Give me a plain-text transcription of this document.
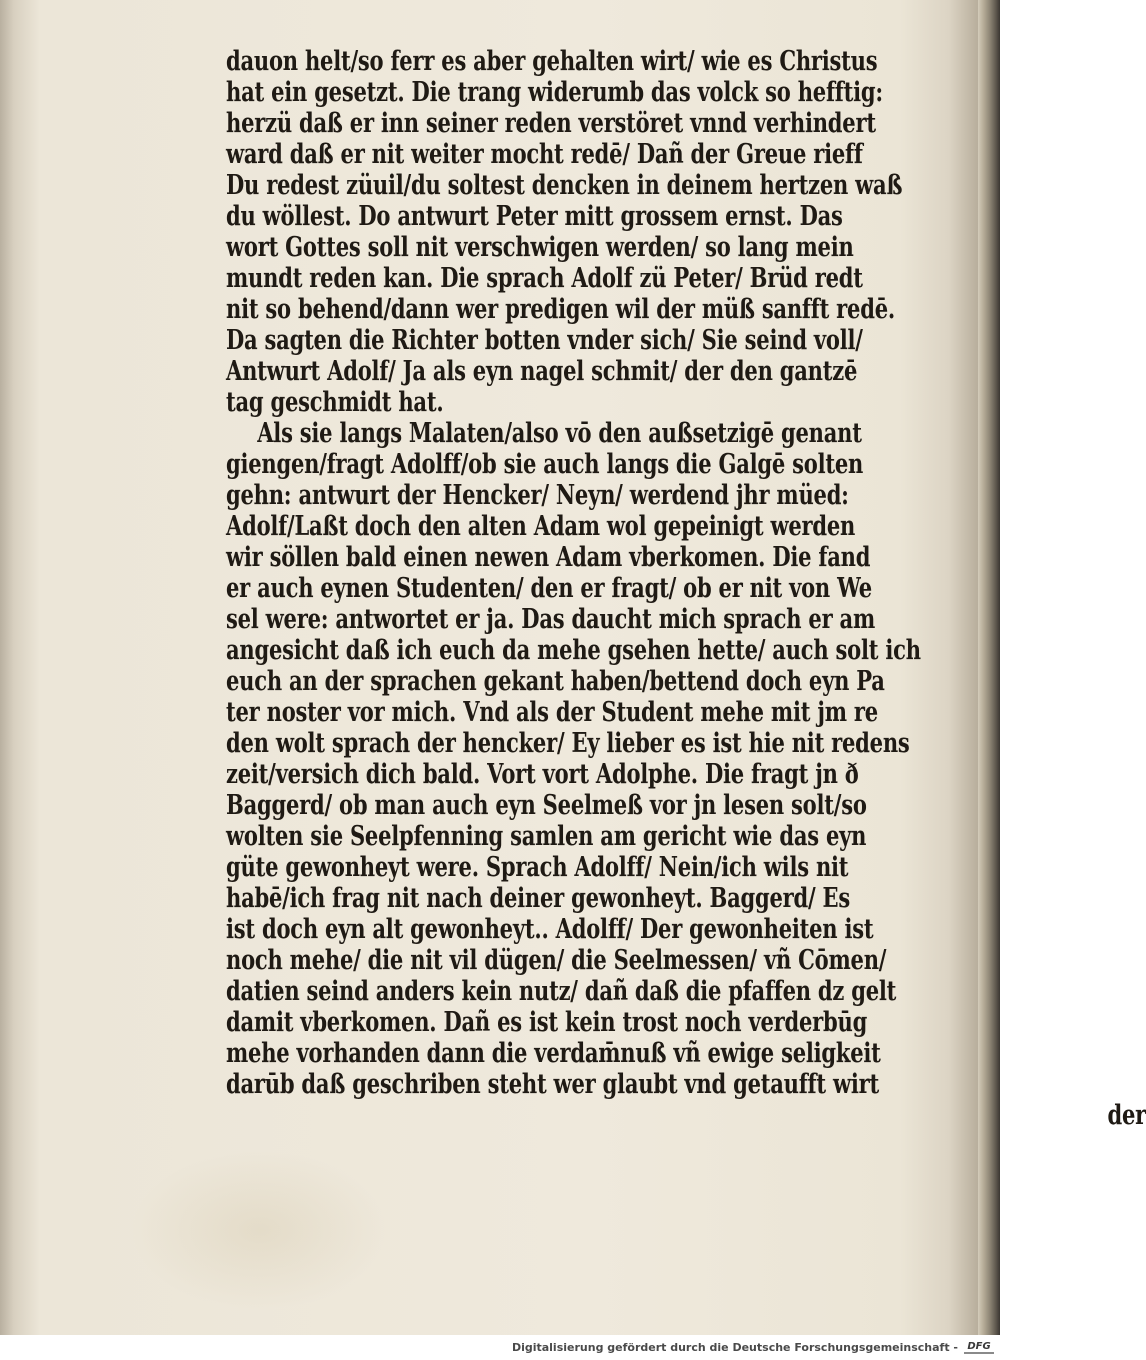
dauon helt/so ferr es aber gehalten wirt/ wie es Christus
hat ein gesetzt. Die trang widerumb das volck so hefftig:
herzü daß er inn seiner reden verstöret vnnd verhindert
ward daß er nit weiter mocht redē/ Dañ der Greue rieff
Du redest züuil/du soltest dencken in deinem hertzen waß
du wöllest. Do antwurt Peter mitt grossem ernst. Das
wort Gottes soll nit verschwigen werden/ so lang mein
mundt reden kan. Die sprach Adolf zü Peter/ Brüd redt
nit so behend/dann wer predigen wil der müß sanfft redē.
Da sagten die Richter botten vnder sich/ Sie seind voll/
Antwurt Adolf/ Ja als eyn nagel schmit/ der den gantzē
tag geschmidt hat.
Als sie langs Malaten/also vō den außsetzigē genant
giengen/fragt Adolff/ob sie auch langs die Galgē solten
gehn: antwurt der Hencker/ Neyn/ werdend jhr müed:
Adolf/Laßt doch den alten Adam wol gepeinigt werden
wir söllen bald einen newen Adam vberkomen. Die fand
er auch eynen Studenten/ den er fragt/ ob er nit von We
sel were: antwortet er ja. Das daucht mich sprach er am
angesicht daß ich euch da mehe gsehen hette/ auch solt ich
euch an der sprachen gekant haben/bettend doch eyn Pa
ter noster vor mich. Vnd als der Student mehe mit jm re
den wolt sprach der hencker/ Ey lieber es ist hie nit redens
zeit/versich dich bald. Vort vort Adolphe. Die fragt jn ð
Baggerd/ ob man auch eyn Seelmeß vor jn lesen solt/so
wolten sie Seelpfenning samlen am gericht wie das eyn
güte gewonheyt were. Sprach Adolff/ Nein/ich wils nit
habē/ich frag nit nach deiner gewonheyt. Baggerd/ Es
ist doch eyn alt gewonheyt.. Adolff/ Der gewonheiten ist
noch mehe/ die nit vil dügen/ die Seelmessen/ vñ Cōmen/
datien seind anders kein nutz/ dañ daß die pfaffen dz gelt
damit vberkomen. Dañ es ist kein trost noch verderbūg
mehe vorhanden dann die verdam̄nuß vñ ewige seligkeit
darūb daß geschriben steht wer glaubt vnd getaufft wirt
der
Digitalisierung gefördert durch die Deutsche Forschungsgemeinschaft - DFG
